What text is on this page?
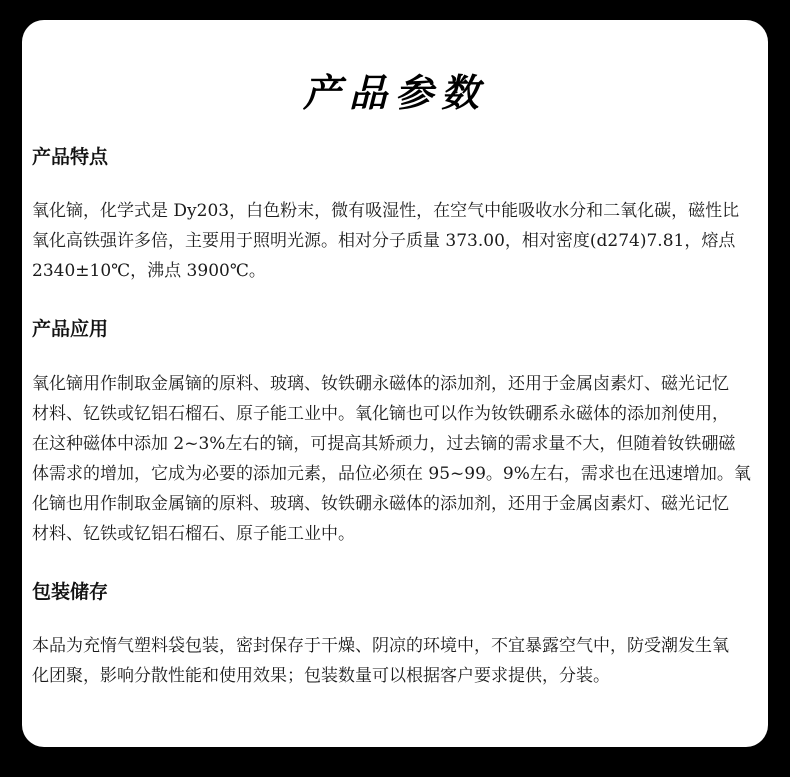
产品参数
产品特点
氧化镝，化学式是 Dy203，白色粉末，微有吸湿性，在空气中能吸收水分和二氧化碳，磁性比
氧化高铁强许多倍，主要用于照明光源。相对分子质量 373.00，相对密度(d274)7.81，熔点
2340±10℃，沸点 3900℃。
产品应用
氧化镝用作制取金属镝的原料、玻璃、钕铁硼永磁体的添加剂，还用于金属卤素灯、磁光记忆
材料、钇铁或钇铝石榴石、原子能工业中。氧化镝也可以作为钕铁硼系永磁体的添加剂使用，
在这种磁体中添加 2~3%左右的镝，可提高其矫顽力，过去镝的需求量不大，但随着钕铁硼磁
体需求的增加，它成为必要的添加元素，品位必须在 95~99。9%左右，需求也在迅速增加。氧
化镝也用作制取金属镝的原料、玻璃、钕铁硼永磁体的添加剂，还用于金属卤素灯、磁光记忆
材料、钇铁或钇铝石榴石、原子能工业中。
包装储存
本品为充惰气塑料袋包装，密封保存于干燥、阴凉的环境中，不宜暴露空气中，防受潮发生氧
化团聚，影响分散性能和使用效果；包装数量可以根据客户要求提供，分装。
